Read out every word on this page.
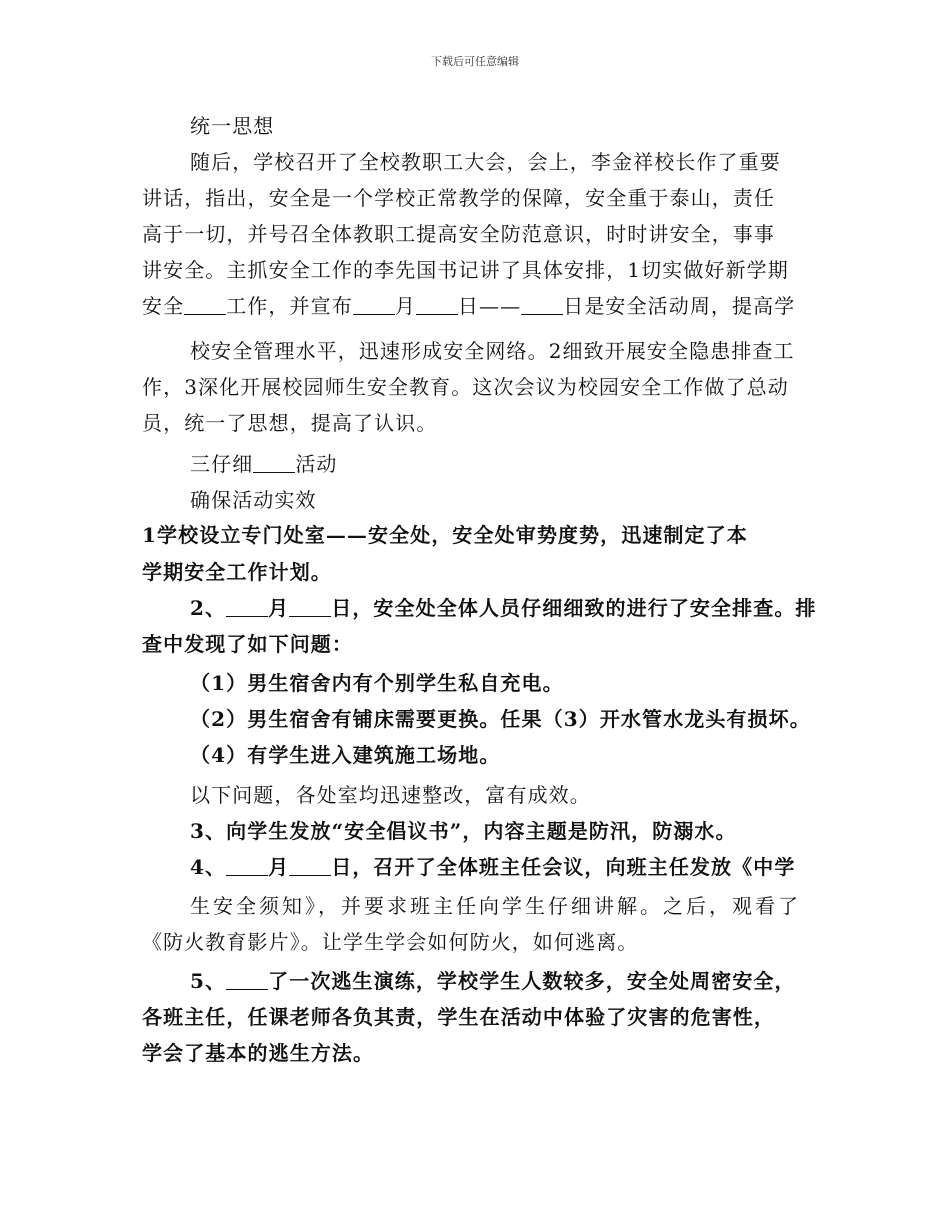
下载后可任意编辑

统一思想

随后，学校召开了全校教职工大会，会上，李金祥校长作了重要

讲话，指出，安全是一个学校正常教学的保障，安全重于泰山，责任

高于一切，并号召全体教职工提高安全防范意识，时时讲安全，事事

讲安全。主抓安全工作的李先国书记讲了具体安排，1切实做好新学期

安全 工作，并宣布 月 日—— 日是安全活动周，提高学

校安全管理水平，迅速形成安全网络。2细致开展安全隐患排查工

作，3深化开展校园师生安全教育。这次会议为校园安全工作做了总动

员，统一了思想，提高了认识。

三仔细 活动

确保活动实效

1学校设立专门处室——安全处，安全处审势度势，迅速制定了本

学期安全工作计划。

2、 月 日，安全处全体人员仔细细致的进行了安全排查。排

查中发现了如下问题：

（1）男生宿舍内有个别学生私自充电。

（2）男生宿舍有铺床需要更换。任果（3）开水管水龙头有损坏。

（4）有学生进入建筑施工场地。

以下问题，各处室均迅速整改，富有成效。

3、向学生发放“安全倡议书”，内容主题是防汛，防溺水。

4、 月 日，召开了全体班主任会议，向班主任发放《中学

生安全须知》，并要求班主任向学生仔细讲解。之后，观看了

《防火教育影片》。让学生学会如何防火，如何逃离。

5、 了一次逃生演练，学校学生人数较多，安全处周密安全，

各班主任，任课老师各负其责，学生在活动中体验了灾害的危害性，

学会了基本的逃生方法。
